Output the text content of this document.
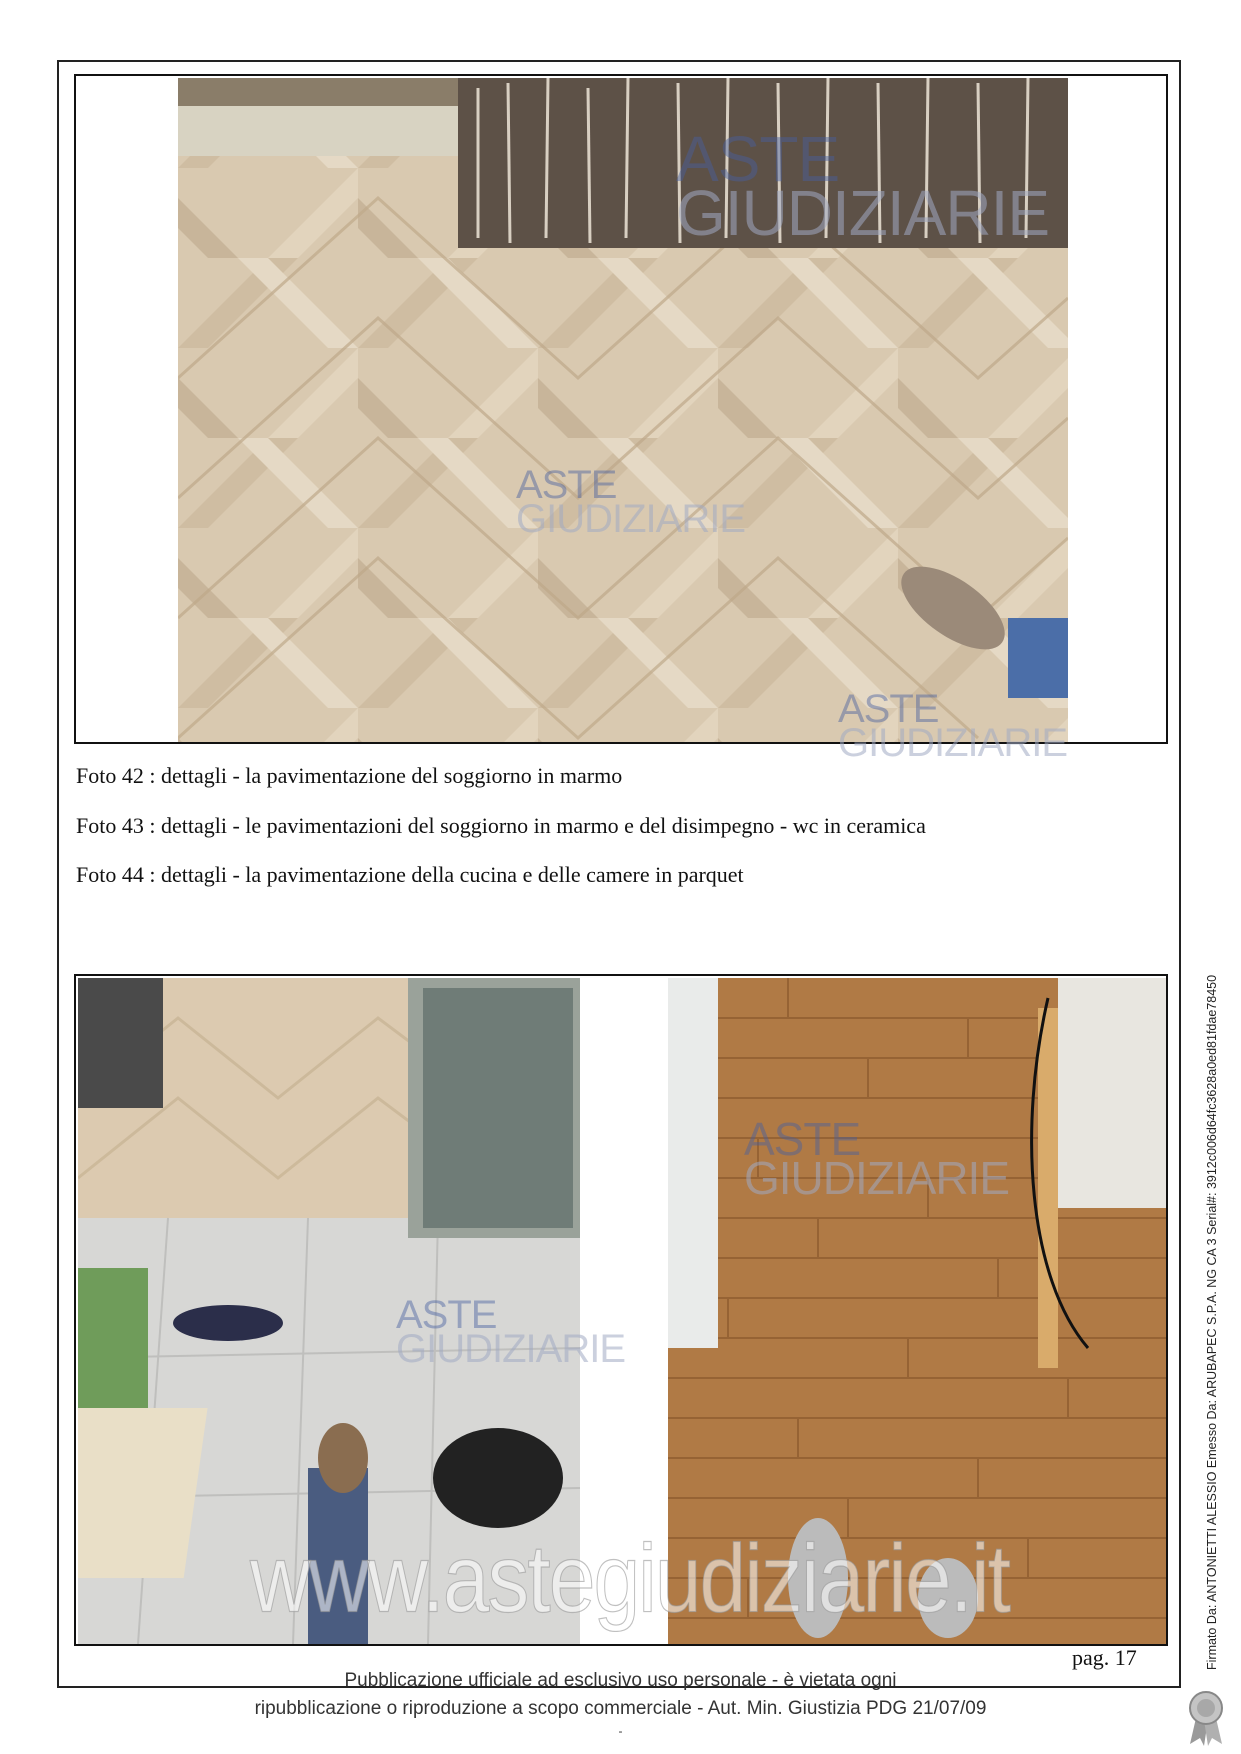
ASTE
GIUDIZIARIE
ASTE
GIUDIZIARIE
ASTE
GIUDIZIARIE
Foto 42 : dettagli - la pavimentazione del soggiorno in marmo
Foto 43 : dettagli - le pavimentazioni del soggiorno in marmo e del disimpegno - wc in ceramica
Foto 44 : dettagli - la pavimentazione della cucina e delle camere in parquet
ASTE
GIUDIZIARIE
ASTE
GIUDIZIARIE
www.astegiudiziarie.it
pag. 17
Pubblicazione ufficiale ad esclusivo uso personale - è vietata ogni
ripubblicazione o riproduzione a scopo commerciale - Aut. Min. Giustizia PDG 21/07/09
-
Firmato Da: ANTONIETTI ALESSIO Emesso Da: ARUBAPEC S.P.A. NG CA 3 Serial#: 3912c006d64fc3628a0ed81fdae78450
